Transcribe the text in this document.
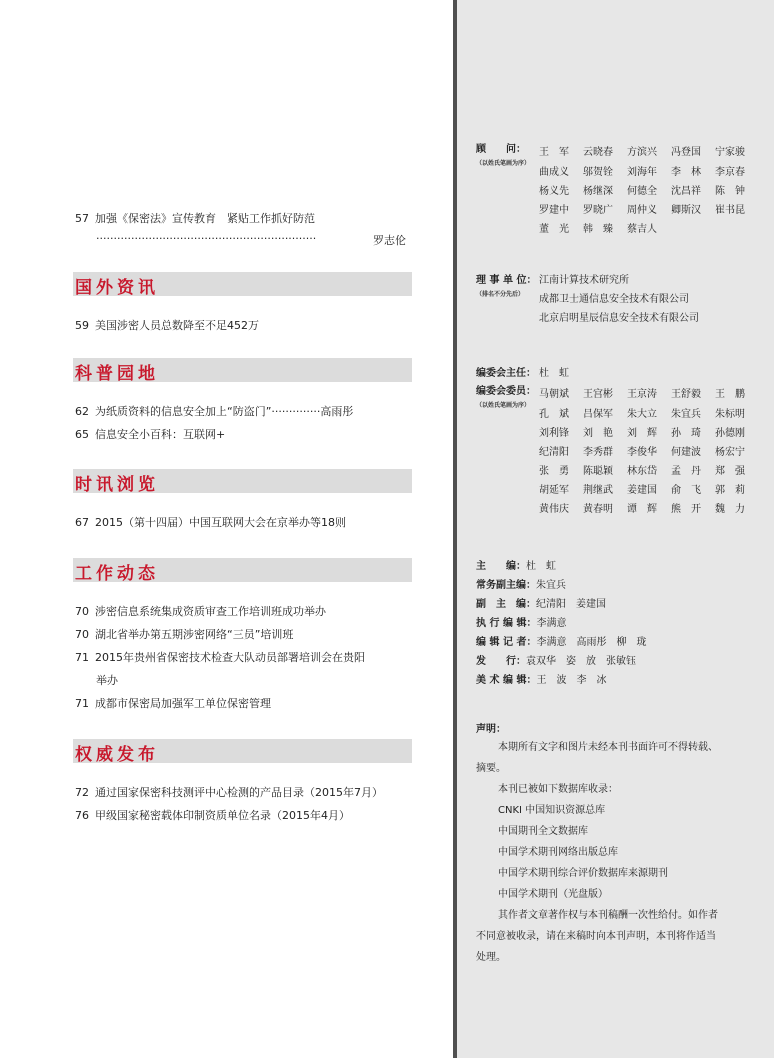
57 加强《保密法》宣传教育　紧贴工作抓好防范
·······························································	罗志伦
国外资讯
59 美国涉密人员总数降至不足452万
科普园地
62 为纸质资料的信息安全加上“防盗门”··············高雨彤
65 信息安全小百科：互联网+
时讯浏览
67 2015（第十四届）中国互联网大会在京举办等18则
工作动态
70 涉密信息系统集成资质审查工作培训班成功举办
70 湖北省举办第五期涉密网络“三员”培训班
71 2015年贵州省保密技术检查大队动员部署培训会在贵阳
举办
71 成都市保密局加强军工单位保密管理
权威发布
72 通过国家保密科技测评中心检测的产品目录（2015年7月）
76 甲级国家秘密载体印制资质单位名录（2015年4月）
顾　　问：
（以姓氏笔画为序）
王　军 云晓春 方滨兴 冯登国 宁家骏
曲成义 邬贺铨 刘海年 李　林 李京春
杨义先 杨继深 何德全 沈昌祥 陈　钟
罗建中 罗晓广 周仲义 卿斯汉 崔书昆
董　光 韩　臻 蔡吉人
理 事 单 位：
（排名不分先后）
江南计算技术研究所
成都卫士通信息安全技术有限公司
北京启明星辰信息安全技术有限公司
编委会主任： 杜　虹
编委会委员：
（以姓氏笔画为序）
马朝斌 王宫彬 王京涛 王舒毅 王　鹏
孔　斌 吕保军 朱大立 朱宜兵 朱标明
刘利锋 刘　艳 刘　辉 孙　琦 孙德刚
纪清阳 李秀群 李俊华 何建波 杨宏宁
张　勇 陈聪颖 林东岱 孟　丹 郑　强
胡延军 荆继武 姜建国 俞　飞 郭　莉
黄伟庆 黄春明 谭　辉 熊　开 魏　力
主　　编：杜　虹
常务副主编：朱宜兵
副　主　编：纪清阳　姜建国
执 行 编 辑：李满意
编 辑 记 者：李满意　高雨彤　柳　珑
发　　行：袁双华　姿　放　张敏钰
美 术 编 辑：王　波　李　冰
声明：
本期所有文字和图片未经本刊书面许可不得转载、
摘要。
本刊已被如下数据库收录：
CNKI 中国知识资源总库
中国期刊全文数据库
中国学术期刊网络出版总库
中国学术期刊综合评价数据库来源期刊
中国学术期刊（光盘版）
其作者文章著作权与本刊稿酬一次性给付。如作者
不同意被收录，请在来稿时向本刊声明，本刊将作适当
处理。
